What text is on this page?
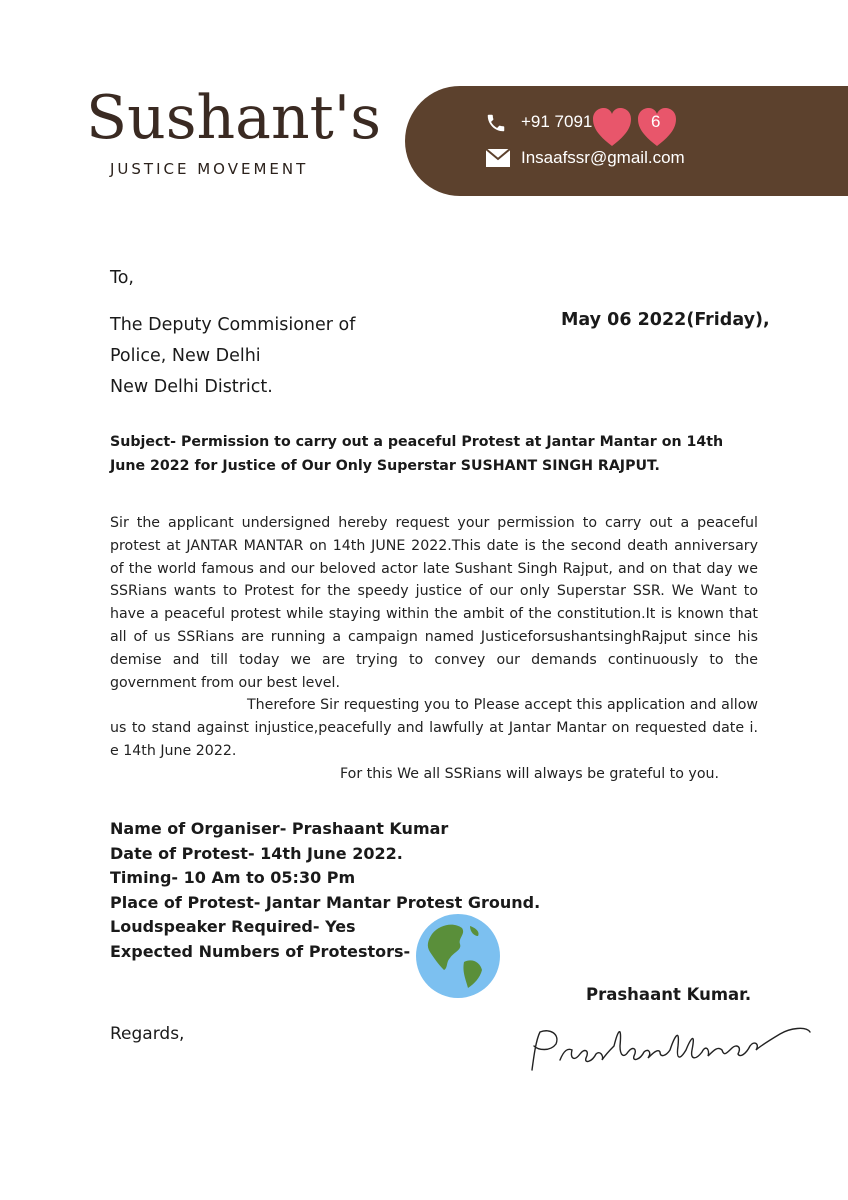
Sushant's
JUSTICE MOVEMENT
+91 7091	6
Insaafssr@gmail.com
To,
The Deputy Commisioner of
Police, New Delhi
New Delhi District.
May 06 2022(Friday),
Subject- Permission to carry out a peaceful Protest at Jantar Mantar on 14th
June 2022 for Justice of Our Only Superstar SUSHANT SINGH RAJPUT.

Sir the applicant undersigned hereby request your permission to carry out a peaceful protest at JANTAR MANTAR on 14th JUNE 2022.This date is the second death anniversary of the world famous and our beloved actor late Sushant Singh Rajput, and on that day we SSRians wants to Protest for the speedy justice of our only Superstar SSR. We Want to have a peaceful protest while staying within the ambit of the constitution.It is known that all of us SSRians are running a campaign named JusticeforsushantsinghRajput since his demise and till today we are trying to convey our demands continuously to the government from our best level.

Therefore Sir requesting you to Please accept this application and allow us to stand against injustice,peacefully and lawfully at Jantar Mantar on requested date i. e 14th June 2022.

For this We all SSRians will always be grateful to you.

Name of Organiser- Prashaant Kumar
Date of Protest- 14th June 2022.
Timing- 10 Am to 05:30 Pm
Place of Protest- Jantar Mantar Protest Ground.
Loudspeaker Required- Yes
Expected Numbers of Protestors-
Prashaant Kumar.
Regards,
